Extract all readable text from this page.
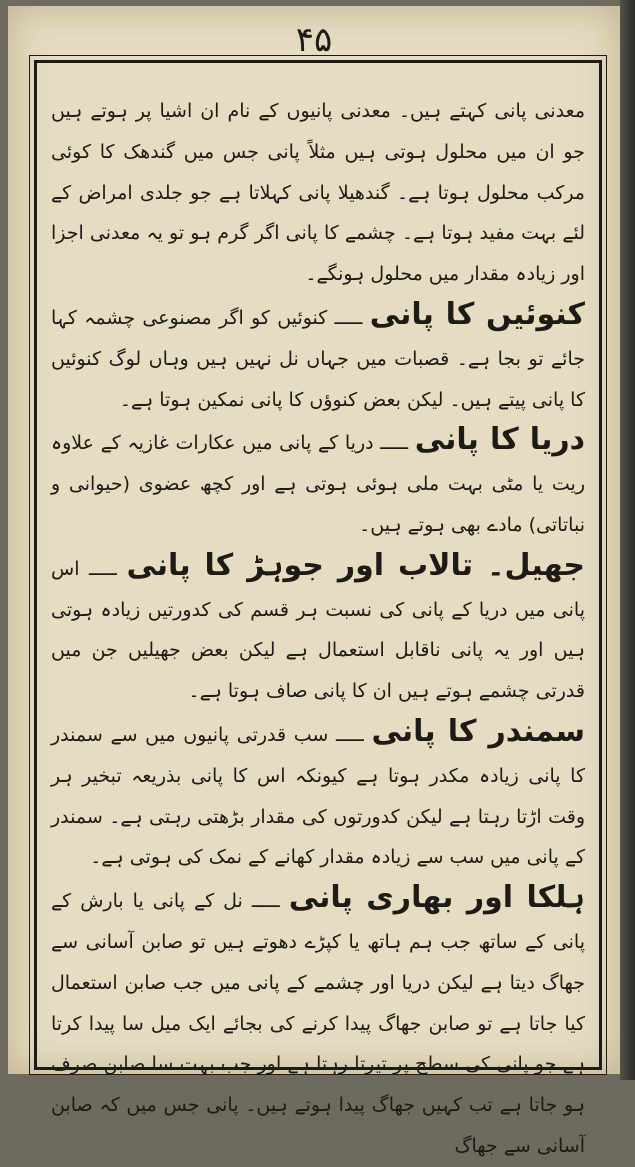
۴۵

معدنی پانی کہتے ہیں۔ معدنی پانیوں کے نام ان اشیا پر ہوتے ہیں جو ان میں محلول ہوتی ہیں مثلاً پانی جس میں گندھک کا کوئی مرکب محلول ہوتا ہے۔ گندھیلا پانی کہلاتا ہے جو جلدی امراض کے لئے بہت مفید ہوتا ہے۔ چشمے کا پانی اگر گرم ہو تو یہ معدنی اجزا اور زیادہ مقدار میں محلول ہونگے۔

کنوئیں کا پانی ـــــ کنوئیں کو اگر مصنوعی چشمہ کہا جائے تو بجا ہے۔ قصبات میں جہاں نل نہیں ہیں وہاں لوگ کنوئیں کا پانی پیتے ہیں۔ لیکن بعض کنوؤں کا پانی نمکین ہوتا ہے۔

دریا کا پانی ـــــ دریا کے پانی میں عکارات غازیہ کے علاوہ ریت یا مٹی بہت ملی ہوئی ہوتی ہے اور کچھ عضوی (حیوانی و نباتاتی) مادے بھی ہوتے ہیں۔

جھیل۔ تالاب اور جوہڑ کا پانی ـــــ اس پانی میں دریا کے پانی کی نسبت ہر قسم کی کدورتیں زیادہ ہوتی ہیں اور یہ پانی ناقابل استعمال ہے لیکن بعض جھیلیں جن میں قدرتی چشمے ہوتے ہیں ان کا پانی صاف ہوتا ہے۔

سمندر کا پانی ـــــ سب قدرتی پانیوں میں سے سمندر کا پانی زیادہ مکدر ہوتا ہے کیونکہ اس کا پانی بذریعہ تبخیر ہر وقت اڑتا رہتا ہے لیکن کدورتوں کی مقدار بڑھتی رہتی ہے۔ سمندر کے پانی میں سب سے زیادہ مقدار کھانے کے نمک کی ہوتی ہے۔

ہلکا اور بھاری پانی ـــــ نل کے پانی یا بارش کے پانی کے ساتھ جب ہم ہاتھ یا کپڑے دھوتے ہیں تو صابن آسانی سے جھاگ دیتا ہے لیکن دریا اور چشمے کے پانی میں جب صابن استعمال کیا جاتا ہے تو صابن جھاگ پیدا کرنے کی بجائے ایک میل سا پیدا کرتا ہے جو پانی کی سطح پر تیرتا رہتا ہے اور جب بہت سا صابن صرف ہو جاتا ہے تب کہیں جھاگ پیدا ہوتے ہیں۔ پانی جس میں کہ صابن آسانی سے جھاگ
